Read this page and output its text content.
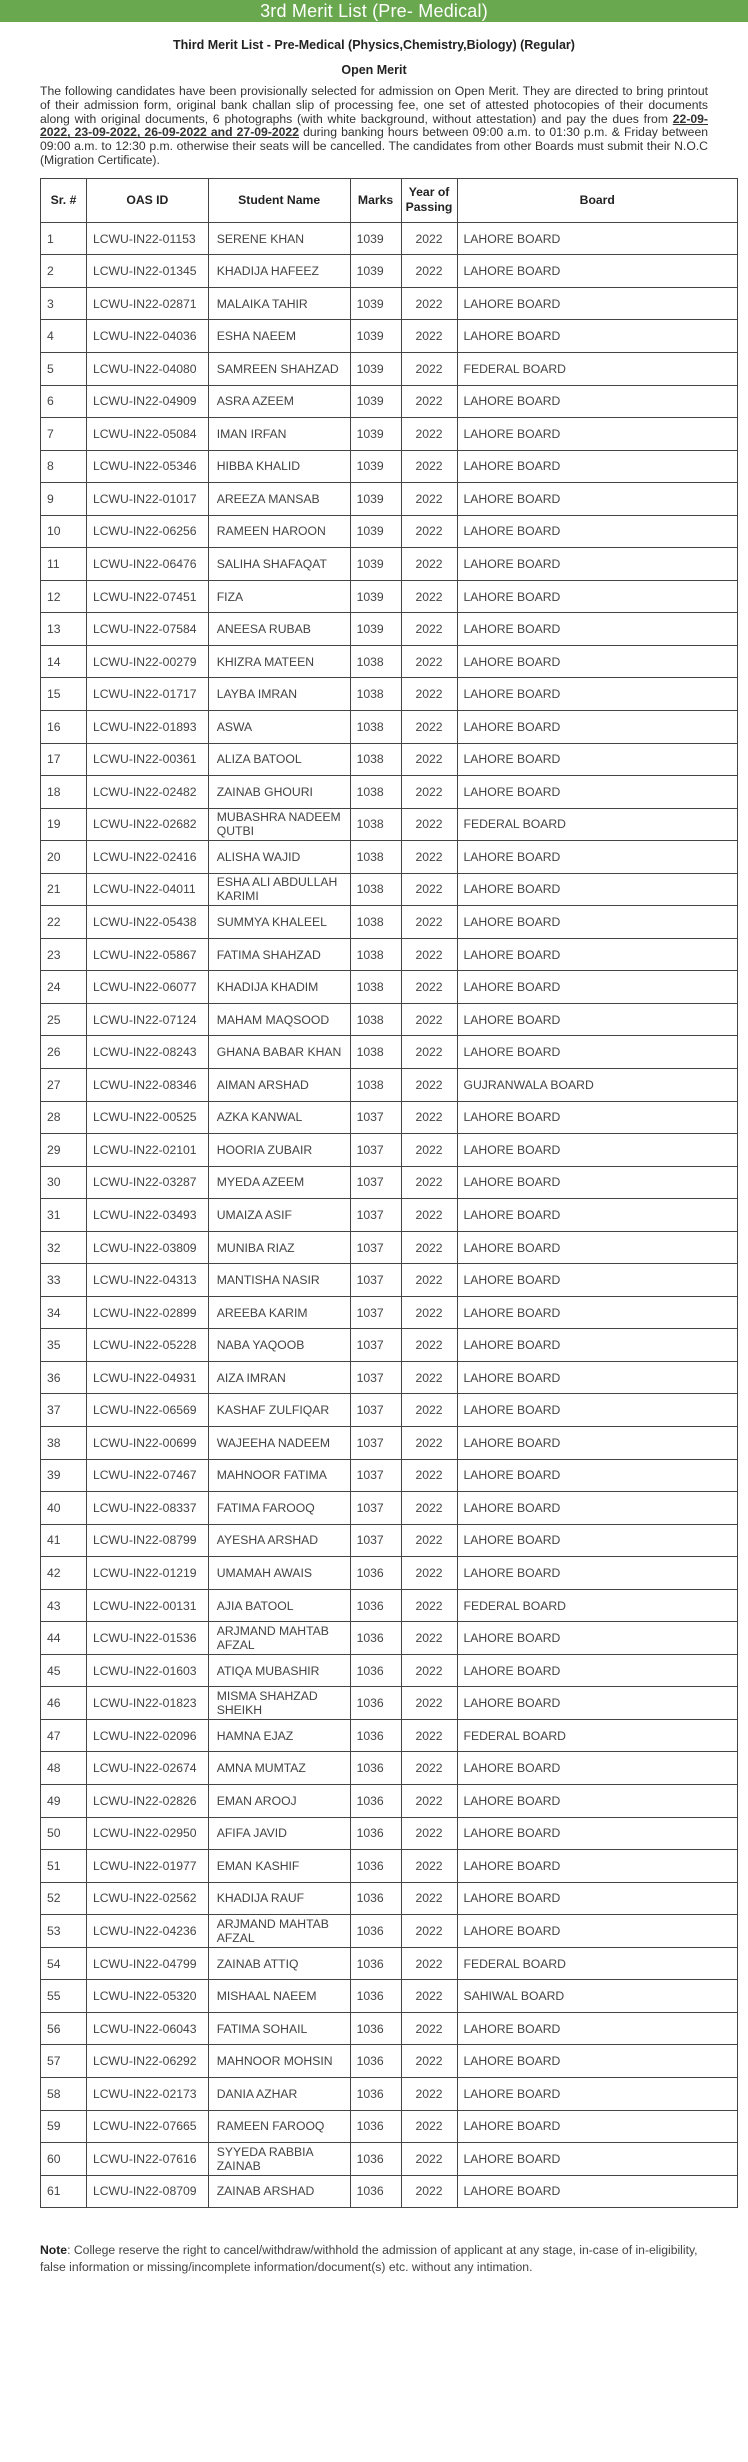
3rd Merit List (Pre- Medical)
Third Merit List - Pre-Medical (Physics,Chemistry,Biology) (Regular)
Open Merit

The following candidates have been provisionally selected for admission on Open Merit. They are directed to bring printout of their admission form, original bank challan slip of processing fee, one set of attested photocopies of their documents along with original documents, 6 photographs (with white background, without attestation) and pay the dues from 22-09-2022, 23-09-2022, 26-09-2022 and 27-09-2022 during banking hours between 09:00 a.m. to 01:30 p.m. & Friday between 09:00 a.m. to 12:30 p.m. otherwise their seats will be cancelled. The candidates from other Boards must submit their N.O.C (Migration Certificate).

Sr. #	OAS ID	Student Name	Marks	Year of Passing	Board
1	LCWU-IN22-01153	SERENE KHAN	1039	2022	LAHORE BOARD
2	LCWU-IN22-01345	KHADIJA HAFEEZ	1039	2022	LAHORE BOARD
3	LCWU-IN22-02871	MALAIKA TAHIR	1039	2022	LAHORE BOARD
4	LCWU-IN22-04036	ESHA NAEEM	1039	2022	LAHORE BOARD
5	LCWU-IN22-04080	SAMREEN SHAHZAD	1039	2022	FEDERAL BOARD
6	LCWU-IN22-04909	ASRA AZEEM	1039	2022	LAHORE BOARD
7	LCWU-IN22-05084	IMAN IRFAN	1039	2022	LAHORE BOARD
8	LCWU-IN22-05346	HIBBA KHALID	1039	2022	LAHORE BOARD
9	LCWU-IN22-01017	AREEZA MANSAB	1039	2022	LAHORE BOARD
10	LCWU-IN22-06256	RAMEEN HAROON	1039	2022	LAHORE BOARD
11	LCWU-IN22-06476	SALIHA SHAFAQAT	1039	2022	LAHORE BOARD
12	LCWU-IN22-07451	FIZA	1039	2022	LAHORE BOARD
13	LCWU-IN22-07584	ANEESA RUBAB	1039	2022	LAHORE BOARD
14	LCWU-IN22-00279	KHIZRA MATEEN	1038	2022	LAHORE BOARD
15	LCWU-IN22-01717	LAYBA IMRAN	1038	2022	LAHORE BOARD
16	LCWU-IN22-01893	ASWA	1038	2022	LAHORE BOARD
17	LCWU-IN22-00361	ALIZA BATOOL	1038	2022	LAHORE BOARD
18	LCWU-IN22-02482	ZAINAB GHOURI	1038	2022	LAHORE BOARD
19	LCWU-IN22-02682	MUBASHRA NADEEM QUTBI	1038	2022	FEDERAL BOARD
20	LCWU-IN22-02416	ALISHA WAJID	1038	2022	LAHORE BOARD
21	LCWU-IN22-04011	ESHA ALI ABDULLAH KARIMI	1038	2022	LAHORE BOARD
22	LCWU-IN22-05438	SUMMYA KHALEEL	1038	2022	LAHORE BOARD
23	LCWU-IN22-05867	FATIMA SHAHZAD	1038	2022	LAHORE BOARD
24	LCWU-IN22-06077	KHADIJA KHADIM	1038	2022	LAHORE BOARD
25	LCWU-IN22-07124	MAHAM MAQSOOD	1038	2022	LAHORE BOARD
26	LCWU-IN22-08243	GHANA BABAR KHAN	1038	2022	LAHORE BOARD
27	LCWU-IN22-08346	AIMAN ARSHAD	1038	2022	GUJRANWALA BOARD
28	LCWU-IN22-00525	AZKA KANWAL	1037	2022	LAHORE BOARD
29	LCWU-IN22-02101	HOORIA ZUBAIR	1037	2022	LAHORE BOARD
30	LCWU-IN22-03287	MYEDA AZEEM	1037	2022	LAHORE BOARD
31	LCWU-IN22-03493	UMAIZA ASIF	1037	2022	LAHORE BOARD
32	LCWU-IN22-03809	MUNIBA RIAZ	1037	2022	LAHORE BOARD
33	LCWU-IN22-04313	MANTISHA NASIR	1037	2022	LAHORE BOARD
34	LCWU-IN22-02899	AREEBA KARIM	1037	2022	LAHORE BOARD
35	LCWU-IN22-05228	NABA YAQOOB	1037	2022	LAHORE BOARD
36	LCWU-IN22-04931	AIZA IMRAN	1037	2022	LAHORE BOARD
37	LCWU-IN22-06569	KASHAF ZULFIQAR	1037	2022	LAHORE BOARD
38	LCWU-IN22-00699	WAJEEHA NADEEM	1037	2022	LAHORE BOARD
39	LCWU-IN22-07467	MAHNOOR FATIMA	1037	2022	LAHORE BOARD
40	LCWU-IN22-08337	FATIMA FAROOQ	1037	2022	LAHORE BOARD
41	LCWU-IN22-08799	AYESHA ARSHAD	1037	2022	LAHORE BOARD
42	LCWU-IN22-01219	UMAMAH AWAIS	1036	2022	LAHORE BOARD
43	LCWU-IN22-00131	AJIA BATOOL	1036	2022	FEDERAL BOARD
44	LCWU-IN22-01536	ARJMAND MAHTAB AFZAL	1036	2022	LAHORE BOARD
45	LCWU-IN22-01603	ATIQA MUBASHIR	1036	2022	LAHORE BOARD
46	LCWU-IN22-01823	MISMA SHAHZAD SHEIKH	1036	2022	LAHORE BOARD
47	LCWU-IN22-02096	HAMNA EJAZ	1036	2022	FEDERAL BOARD
48	LCWU-IN22-02674	AMNA MUMTAZ	1036	2022	LAHORE BOARD
49	LCWU-IN22-02826	EMAN AROOJ	1036	2022	LAHORE BOARD
50	LCWU-IN22-02950	AFIFA JAVID	1036	2022	LAHORE BOARD
51	LCWU-IN22-01977	EMAN KASHIF	1036	2022	LAHORE BOARD
52	LCWU-IN22-02562	KHADIJA RAUF	1036	2022	LAHORE BOARD
53	LCWU-IN22-04236	ARJMAND MAHTAB AFZAL	1036	2022	LAHORE BOARD
54	LCWU-IN22-04799	ZAINAB ATTIQ	1036	2022	FEDERAL BOARD
55	LCWU-IN22-05320	MISHAAL NAEEM	1036	2022	SAHIWAL BOARD
56	LCWU-IN22-06043	FATIMA SOHAIL	1036	2022	LAHORE BOARD
57	LCWU-IN22-06292	MAHNOOR MOHSIN	1036	2022	LAHORE BOARD
58	LCWU-IN22-02173	DANIA AZHAR	1036	2022	LAHORE BOARD
59	LCWU-IN22-07665	RAMEEN FAROOQ	1036	2022	LAHORE BOARD
60	LCWU-IN22-07616	SYYEDA RABBIA ZAINAB	1036	2022	LAHORE BOARD
61	LCWU-IN22-08709	ZAINAB ARSHAD	1036	2022	LAHORE BOARD

Note: College reserve the right to cancel/withdraw/withhold the admission of applicant at any stage, in-case of in-eligibility, false information or missing/incomplete information/document(s) etc. without any intimation.
